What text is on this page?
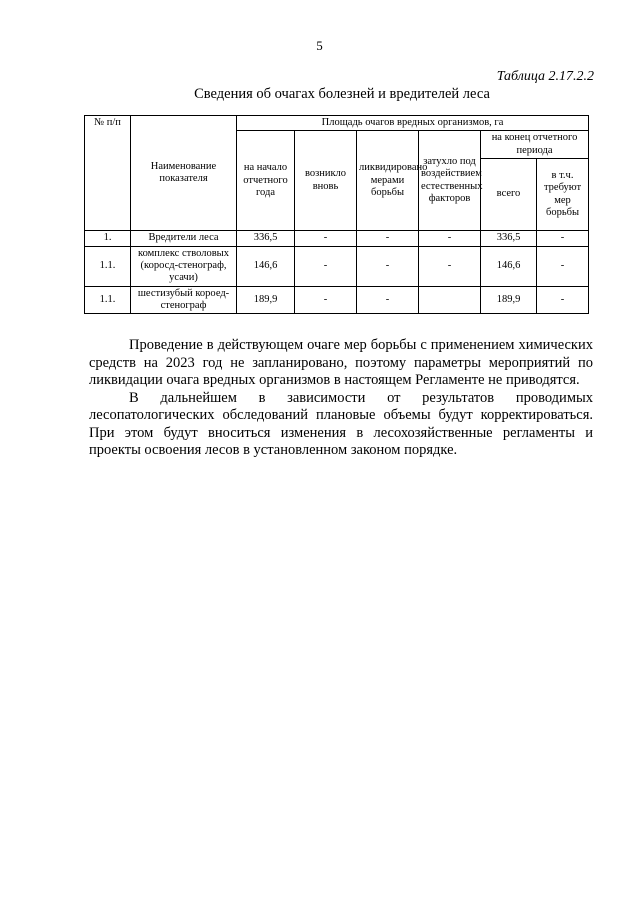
5
Таблица 2.17.2.2
Сведения об очагах болезней и вредителей леса
№ п/п	Наименование показателя	Площадь очагов вредных организмов, га					
		на начало отчетного года	возникло вновь	ликвидировано мерами борьбы	затухло под воздействием естественных факторов	на конец отчетного периода	
						всего	в т.ч. требуют мер борьбы
1.	Вредители леса	336,5	-	-	-	336,5	-
1.1.	комплекс стволовых (коросд-стенограф, усачи)	146,6	-	-	-	146,6	-
1.1.	шестизубый короед-стенограф	189,9	-	-		189,9	-

Проведение в действующем очаге мер борьбы с применением химических средств на 2023 год не запланировано, поэтому параметры мероприятий по ликвидации очага вредных организмов в настоящем Регламенте не приводятся.

В дальнейшем в зависимости от результатов проводимых лесопатологических обследований плановые объемы будут корректироваться. При этом будут вноситься изменения в лесохозяйственные регламенты и проекты освоения лесов в установленном законом порядке.
